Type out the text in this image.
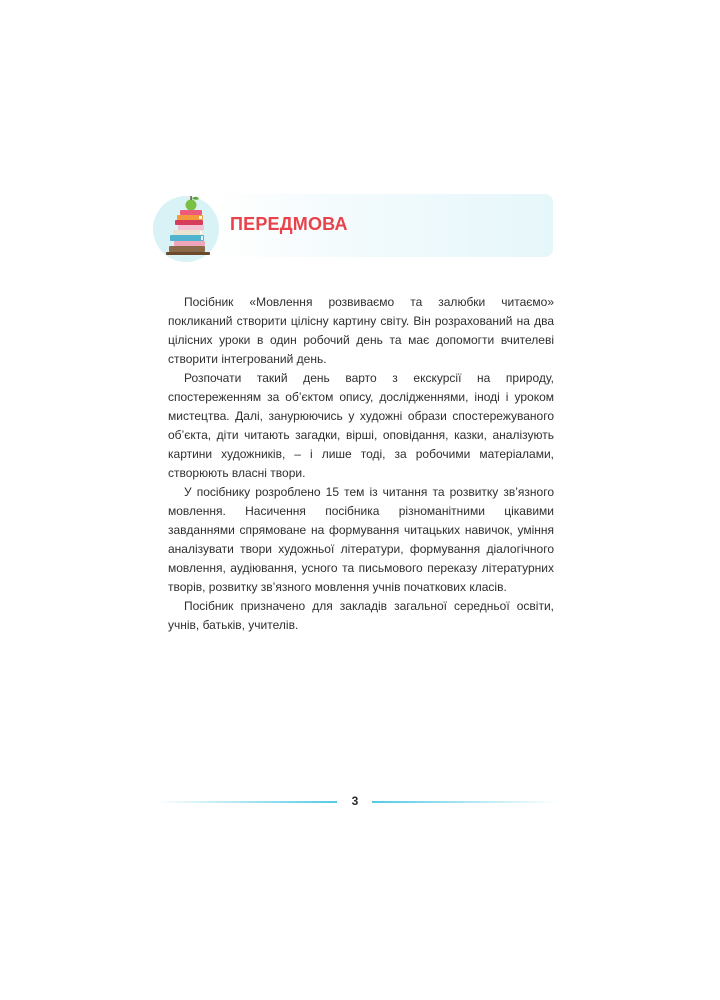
ПЕРЕДМОВА

Посібник «Мовлення розвиваємо та залюбки читаємо» покликаний створити цілісну картину світу. Він розрахований на два цілісних уроки в один робочий день та має допомогти вчителеві створити інтегрований день.

Розпочати такий день варто з екскурсії на природу, спостереженням за об’єктом опису, дослідженнями, іноді і уроком мистецтва. Далі, занурюючись у художні образи спостережуваного об’єкта, діти читають загадки, вірші, оповідання, казки, аналізують картини художників, – і лише тоді, за робочими матеріалами, створюють власні твори.

У посібнику розроблено 15 тем із читання та розвитку зв’язного мовлення. Насичення посібника різноманітними цікавими завданнями спрямоване на формування читацьких навичок, уміння аналізувати твори художньої літератури, формування діалогічного мовлення, аудіювання, усного та письмового переказу літературних творів, розвитку зв’язного мовлення учнів початкових класів.

Посібник призначено для закладів загальної середньої освіти, учнів, батьків, учителів.

3
